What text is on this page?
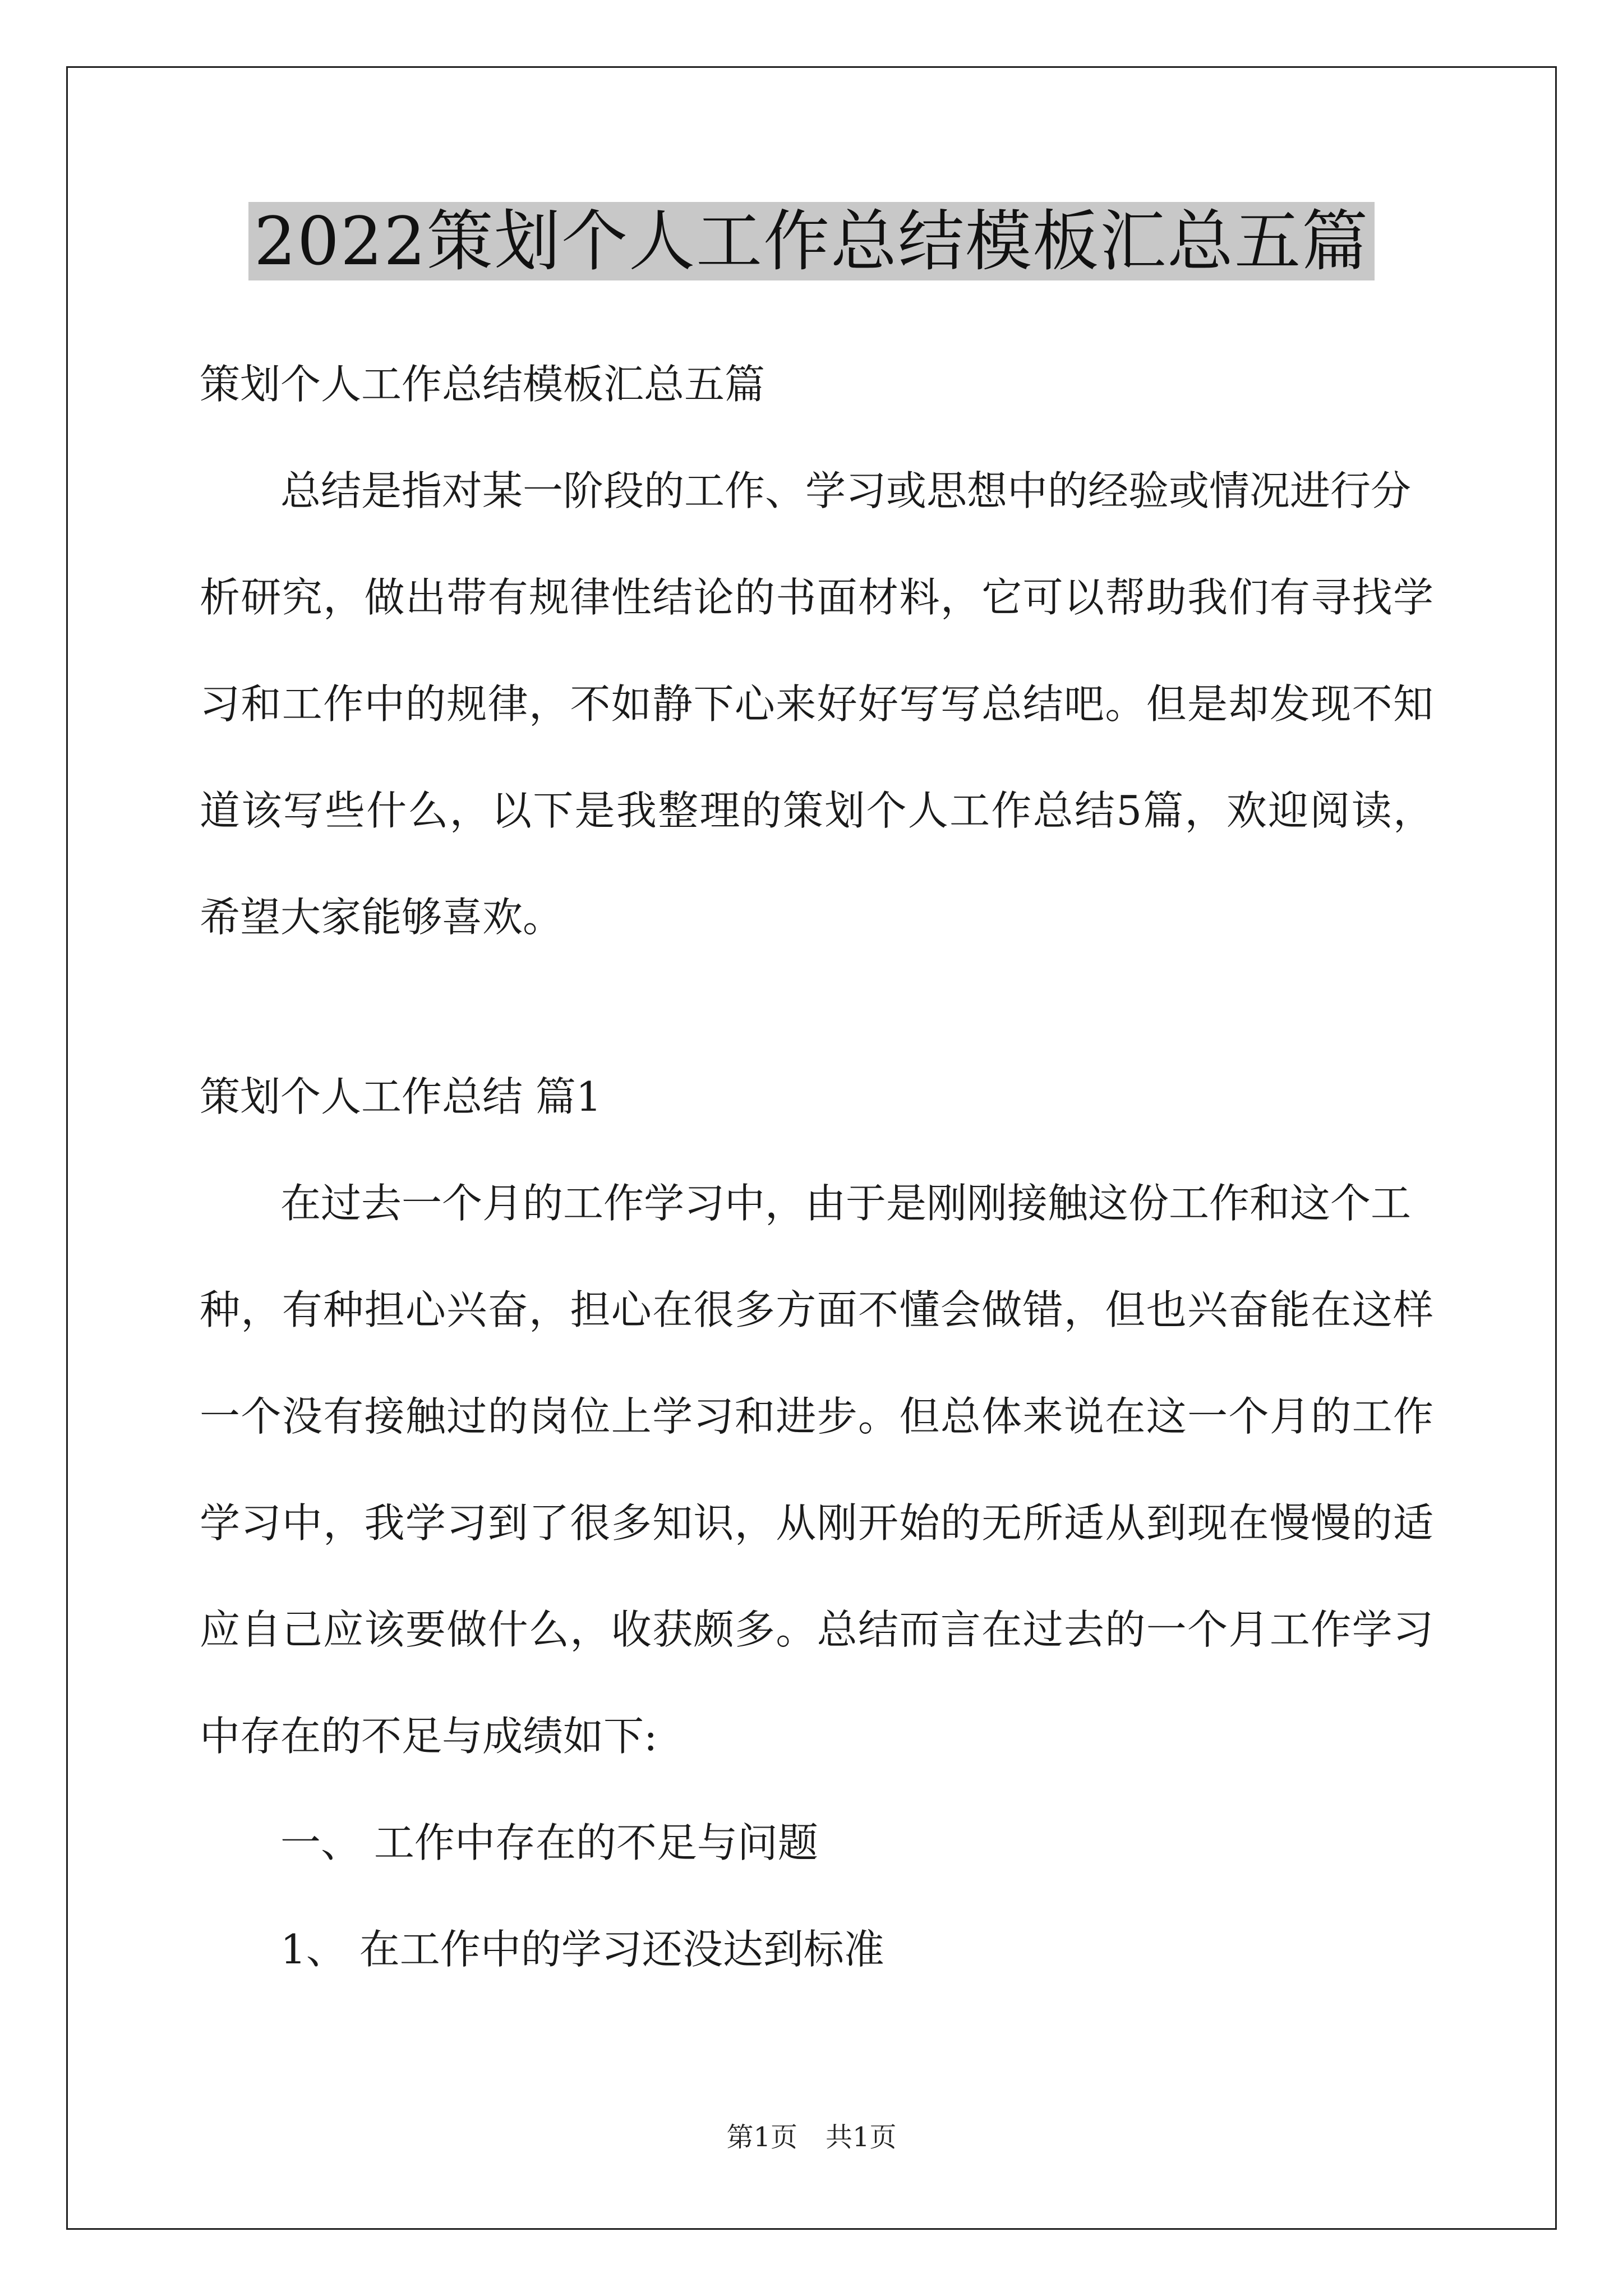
2022策划个人工作总结模板汇总五篇
策划个人工作总结模板汇总五篇
总结是指对某一阶段的工作、学习或思想中的经验或情况进行分
析研究，做出带有规律性结论的书面材料，它可以帮助我们有寻找学
习和工作中的规律，不如静下心来好好写写总结吧。但是却发现不知
道该写些什么，以下是我整理的策划个人工作总结5篇，欢迎阅读，
希望大家能够喜欢。
策划个人工作总结 篇1
在过去一个月的工作学习中，由于是刚刚接触这份工作和这个工
种，有种担心兴奋，担心在很多方面不懂会做错，但也兴奋能在这样
一个没有接触过的岗位上学习和进步。但总体来说在这一个月的工作
学习中，我学习到了很多知识，从刚开始的无所适从到现在慢慢的适
应自己应该要做什么，收获颇多。总结而言在过去的一个月工作学习
中存在的不足与成绩如下:
一、 工作中存在的不足与问题
1、 在工作中的学习还没达到标准
第1页 共1页
